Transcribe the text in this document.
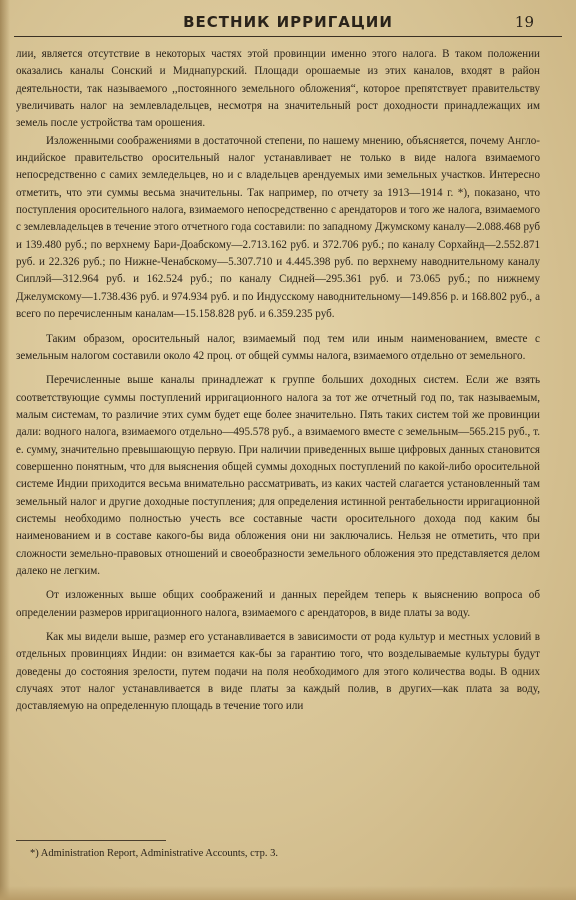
ВЕСТНИК ИРРИГАЦИИ	19

лии, является отсутствие в некоторых частях этой провинции именно этого налога. В таком положении оказались каналы Сонский и Миднапурский. Площади орошаемые из этих каналов, входят в район деятельности, так называемого ,,постоянного земельного обложения“, которое препятствует правительству увеличивать налог на землевладельцев, несмотря на значительный рост доходности принадлежащих им земель после устройства там орошения.

Изложенными соображениями в достаточной степени, по нашему мнению, объясняется, почему Англо-индийское правительство оросительный налог устанавливает не только в виде налога взимаемого непосредственно с самих земледельцев, но и с владельцев арендуемых ими земельных участков. Интересно отметить, что эти суммы весьма значительны. Так например, по отчету за 1913—1914 г. *), показано, что поступления оросительного налога, взимаемого непосредственно с арендаторов и того же налога, взимаемого с землевладельцев в течение этого отчетного года составили: по западному Джумскому каналу—2.088.468 руб и 139.480 руб.; по верхнему Бари-Доабскому—2.713.162 руб. и 372.706 руб.; по каналу Сорхайнд—2.552.871 руб. и 22.326 руб.; по Нижне-Ченабскому—5.307.710 и 4.445.398 руб. по верхнему наводнительному каналу Сиплэй—312.964 руб. и 162.524 руб.; по каналу Сидней—295.361 руб. и 73.065 руб.; по нижнему Джелумскому—1.738.436 руб. и 974.934 руб. и по Индусскому наводнительному—149.856 р. и 168.802 руб., а всего по перечисленным каналам—15.158.828 руб. и 6.359.235 руб.

Таким образом, оросительный налог, взимаемый под тем или иным наименованием, вместе с земельным налогом составили около 42 проц. от общей суммы налога, взимаемого отдельно от земельного.

Перечисленные выше каналы принадлежат к группе больших доходных систем. Если же взять соответствующие суммы поступлений ирригационного налога за тот же отчетный год по, так называемым, малым системам, то различие этих сумм будет еще более значительно. Пять таких систем той же провинции дали: водного налога, взимаемого отдельно—495.578 руб., а взимаемого вместе с земельным—565.215 руб., т. е. сумму, значительно превышающую первую. При наличии приведенных выше цифровых данных становится совершенно понятным, что для выяснения общей суммы доходных поступлений по какой-либо оросительной системе Индии приходится весьма внимательно рассматривать, из каких частей слагается установленный там земельный налог и другие доходные поступления; для определения истинной рентабельности ирригационной системы необходимо полностью учесть все составные части оросительного дохода под каким бы наименованием и в составе какого-бы вида обложения они ни заключались. Нельзя не отметить, что при сложности земельно-правовых отношений и своеобразности земельного обложения это представляется делом далеко не легким.

От изложенных выше общих соображений и данных перейдем теперь к выяснению вопроса об определении размеров ирригационного налога, взимаемого с арендаторов, в виде платы за воду.

Как мы видели выше, размер его устанавливается в зависимости от рода культур и местных условий в отдельных провинциях Индии: он взимается как-бы за гарантию того, что возделываемые культуры будут доведены до состояния зрелости, путем подачи на поля необходимого для этого количества воды. В одних случаях этот налог устанавливается в виде платы за каждый полив, в других—как плата за воду, доставляемую на определенную площадь в течение того или

*) Administration Report, Administrative Accounts, стр. 3.
